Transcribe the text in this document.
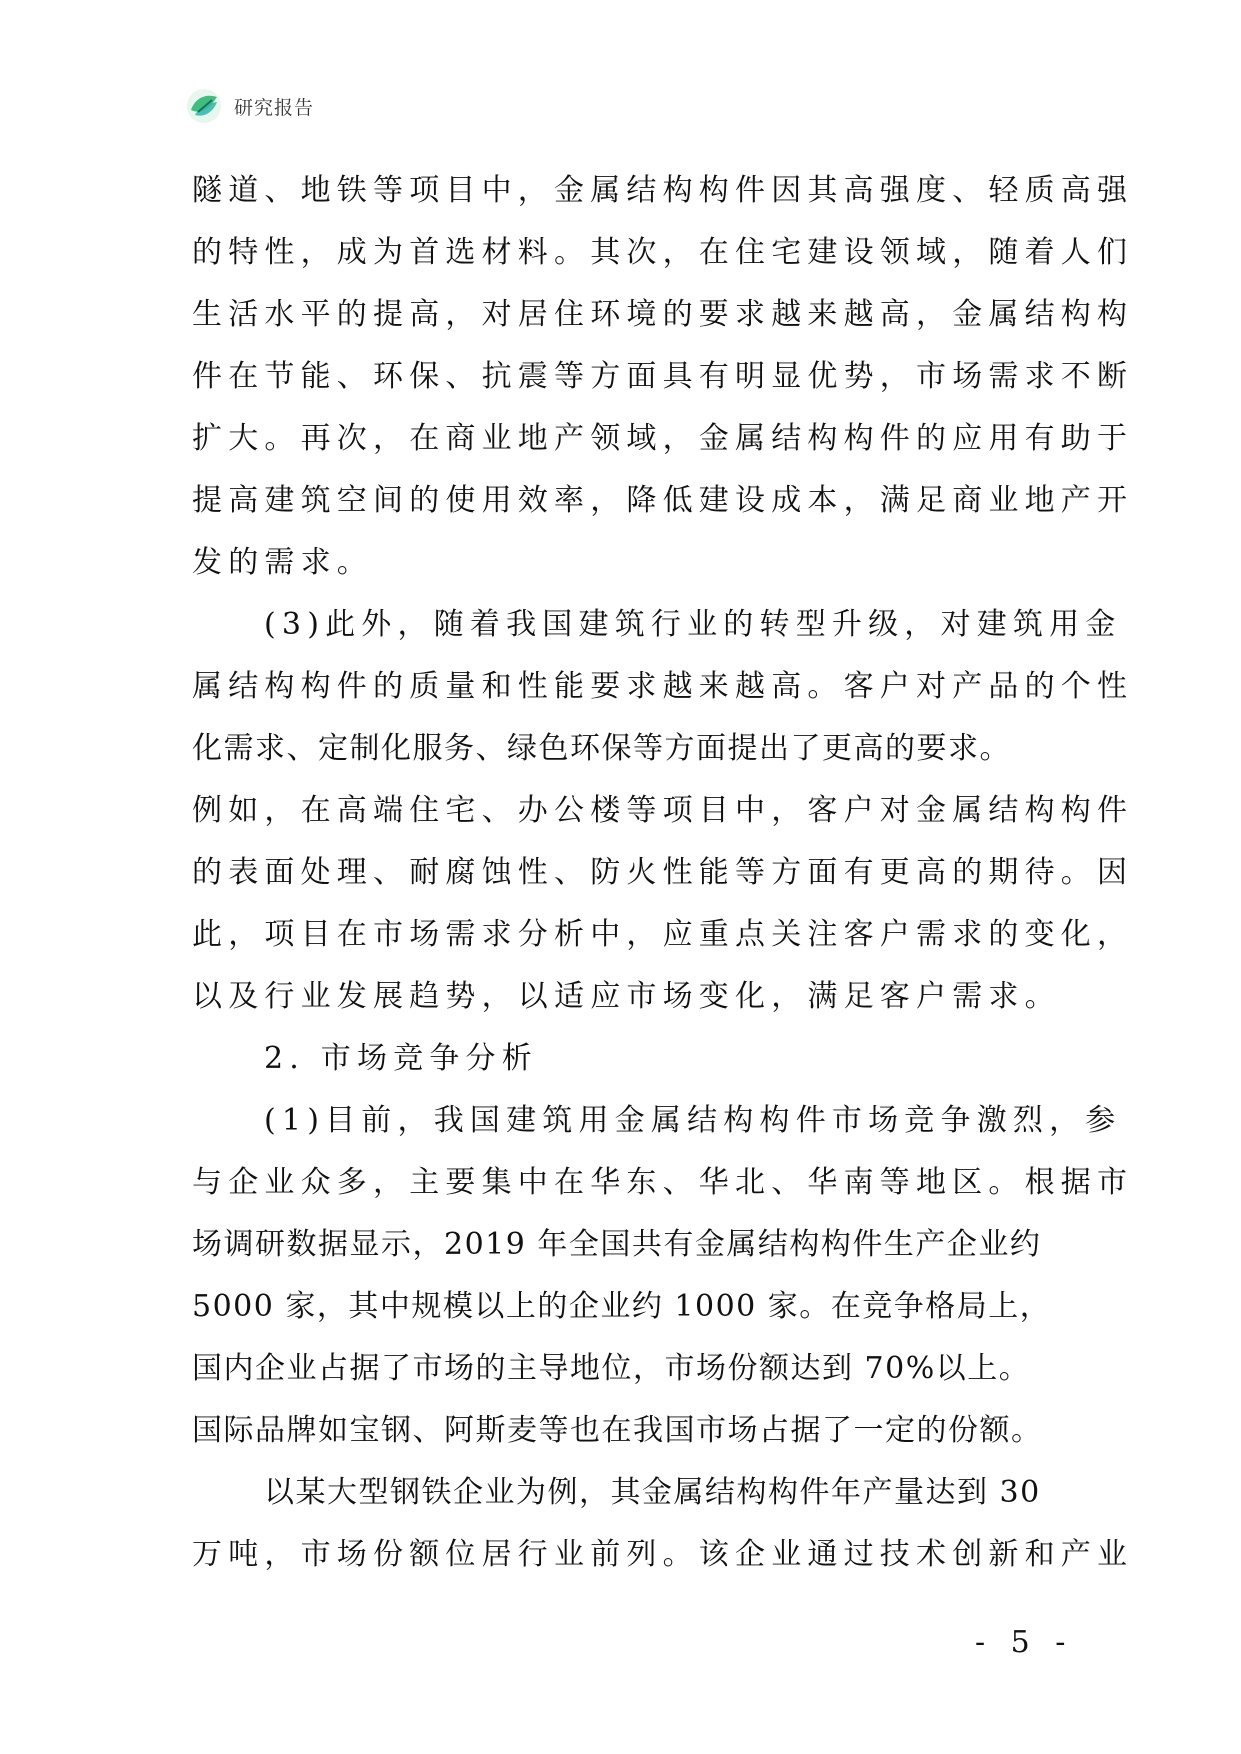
研究报告
隧道、地铁等项目中，金属结构构件因其高强度、轻质高强
的特性，成为首选材料。其次，在住宅建设领域，随着人们
生活水平的提高，对居住环境的要求越来越高，金属结构构
件在节能、环保、抗震等方面具有明显优势，市场需求不断
扩大。再次，在商业地产领域，金属结构构件的应用有助于
提高建筑空间的使用效率，降低建设成本，满足商业地产开
发的需求。
(3)此外，随着我国建筑行业的转型升级，对建筑用金
属结构构件的质量和性能要求越来越高。客户对产品的个性
化需求、定制化服务、绿色环保等方面提出了更高的要求。
例如，在高端住宅、办公楼等项目中，客户对金属结构构件
的表面处理、耐腐蚀性、防火性能等方面有更高的期待。因
此，项目在市场需求分析中，应重点关注客户需求的变化，
以及行业发展趋势，以适应市场变化，满足客户需求。
2. 市场竞争分析
(1)目前，我国建筑用金属结构构件市场竞争激烈，参
与企业众多，主要集中在华东、华北、华南等地区。根据市
场调研数据显示，2019 年全国共有金属结构构件生产企业约
5000 家，其中规模以上的企业约 1000 家。在竞争格局上，
国内企业占据了市场的主导地位，市场份额达到 70%以上。
国际品牌如宝钢、阿斯麦等也在我国市场占据了一定的份额。
以某大型钢铁企业为例，其金属结构构件年产量达到 30
万吨，市场份额位居行业前列。该企业通过技术创新和产业
- 5 -
